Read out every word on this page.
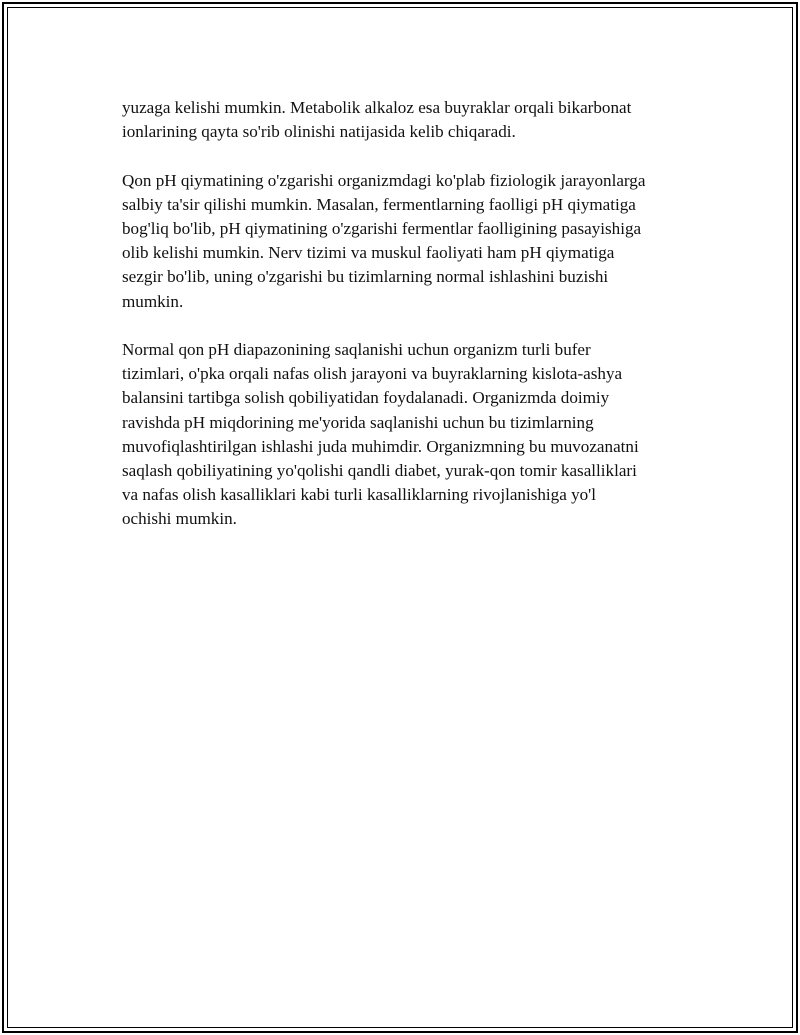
yuzaga kelishi mumkin. Metabolik alkaloz esa buyraklar orqali bikarbonat
ionlarining qayta so'rib olinishi natijasida kelib chiqaradi.

Qon pH qiymatining o'zgarishi organizmdagi ko'plab fiziologik jarayonlarga
salbiy ta'sir qilishi mumkin. Masalan, fermentlarning faolligi pH qiymatiga
bog'liq bo'lib, pH qiymatining o'zgarishi fermentlar faolligining pasayishiga
olib kelishi mumkin. Nerv tizimi va muskul faoliyati ham pH qiymatiga
sezgir bo'lib, uning o'zgarishi bu tizimlarning normal ishlashini buzishi
mumkin.

Normal qon pH diapazonining saqlanishi uchun organizm turli bufer
tizimlari, o'pka orqali nafas olish jarayoni va buyraklarning kislota-ashya
balansini tartibga solish qobiliyatidan foydalanadi. Organizmda doimiy
ravishda pH miqdorining me'yorida saqlanishi uchun bu tizimlarning
muvofiqlashtirilgan ishlashi juda muhimdir. Organizmning bu muvozanatni
saqlash qobiliyatining yo'qolishi qandli diabet, yurak-qon tomir kasalliklari
va nafas olish kasalliklari kabi turli kasalliklarning rivojlanishiga yo'l
ochishi mumkin.
